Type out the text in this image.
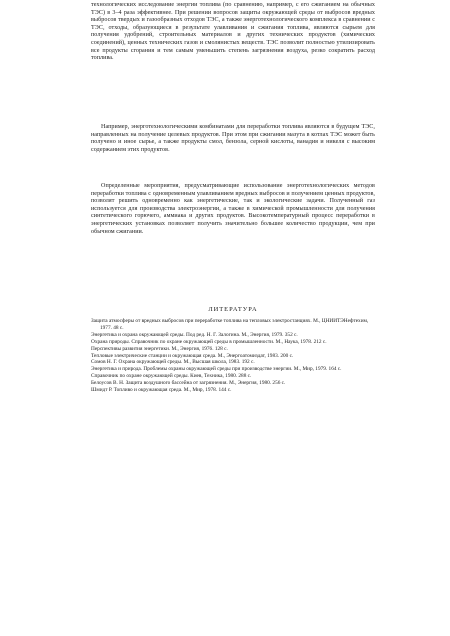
технологических исследование энергии топлива (по сравнению, например, с его сжиганием на обычных ТЭС) в 3–4 раза эффективнее. При решении вопросов защиты окружающей среды от выбросов вредных выбросов твердых и газообразных отходов ТЭС, а также энерготехнологического комплекса в сравнении с ТЭС, отходы, образующиеся в результате улавливания и сжигания топлива, являются сырьем для получения удобрений, строительных материалов и других технических продуктов (химических соединений), ценных технических газов и смолянистых веществ. ТЭС позволит полностью утилизировать все продукты сгорания и тем самым уменьшить степень загрязнения воздуха, резко сократить расход топлива.

Например, энерготехнологическими комбинатами для переработки топлива являются в будущем ТЭС, направленных на получение целевых продуктов. При этом при сжигании мазута в котлах ТЭС может быть получено и иное сырье, а также продукты смол, бензола, серной кислоты, ванадия и никеля с высоким содержанием этих продуктов.

Определенные мероприятия, предусматривающие использование энерготехнологических методов переработки топлива с одновременным улавливанием вредных выбросов и получением ценных продуктов, позволят решить одновременно как энергетические, так и экологические задачи. Полученный газ используется для производства электроэнергии, а также в химической промышленности для получения синтетического горючего, аммиака и других продуктов. Высокотемпературный процесс переработки в энергетических установках позволяет получить значительно большее количество продукции, чем при обычном сжигании.

ЛИТЕРАТУРА
Защита атмосферы от вредных выбросов при переработке топлива на тепловых электростанциях. М., ЦНИИТЭНефтехим, 1977. 48 с.
Энергетика и охрана окружающей среды. Под ред. Н. Г. Залогина. М., Энергия, 1979. 352 с.
Охрана природы. Справочник по охране окружающей среды в промышленности. М., Наука, 1978. 212 с.
Перспективы развития энергетики. М., Энергия, 1976. 128 с.
Тепловые электрические станции и окружающая среда. М., Энергоатомиздат, 1983. 200 с.
Сомов Н. Г. Охрана окружающей среды. М., Высшая школа, 1983. 192 с.
Энергетика и природа. Проблемы охраны окружающей среды при производстве энергии. М., Мир, 1979. 164 с.
Справочник по охране окружающей среды. Киев, Техника, 1980. 288 с.
Белоусов В. Н. Защита воздушного бассейна от загрязнения. М., Энергия, 1980. 256 с.
Шмидт Р. Топливо и окружающая среда. М., Мир, 1978. 144 с.
